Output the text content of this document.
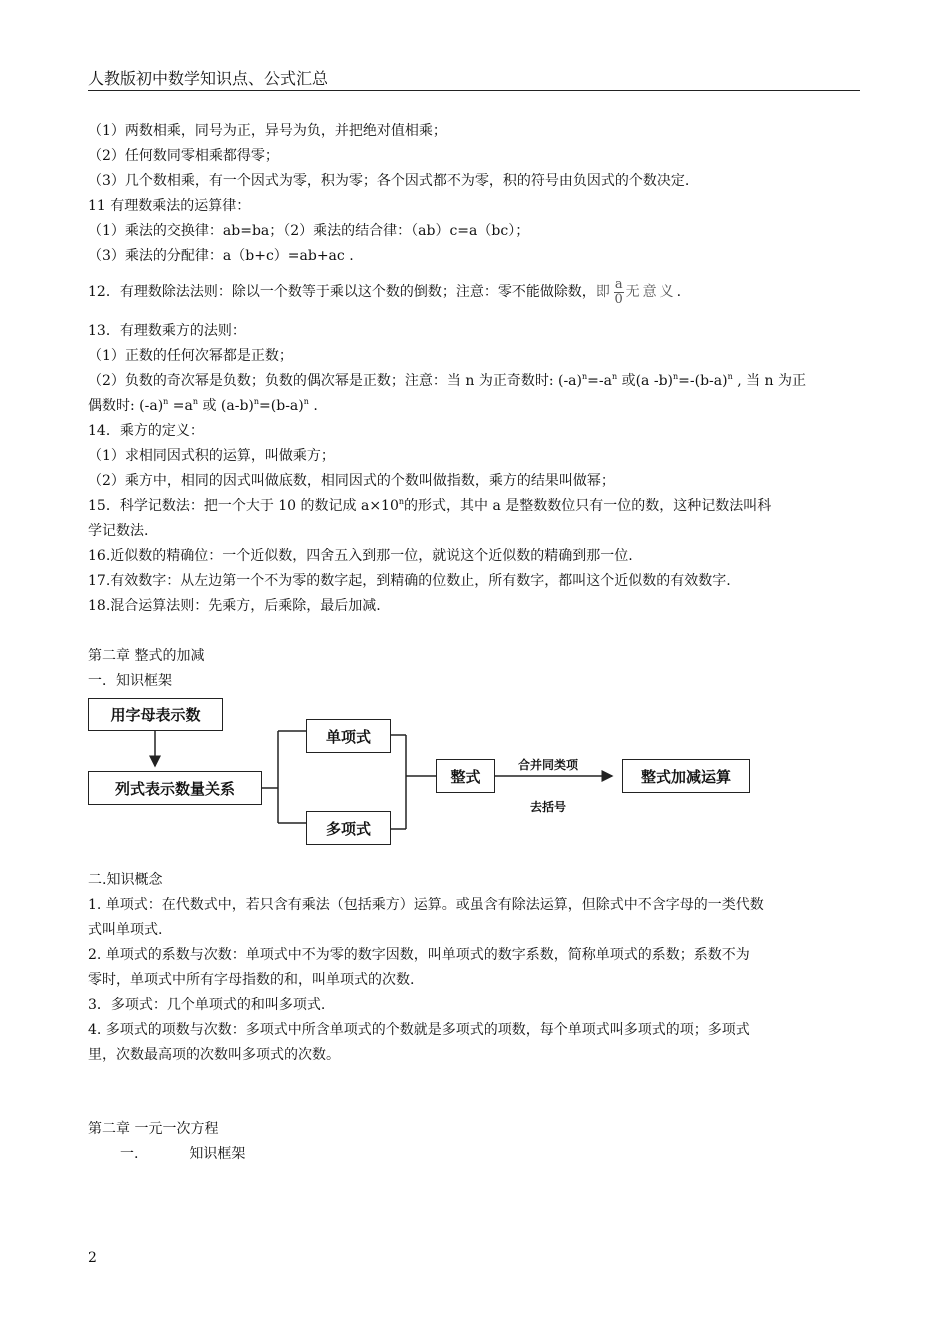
人教版初中数学知识点、公式汇总
（1）两数相乘，同号为正，异号为负，并把绝对值相乘；
（2）任何数同零相乘都得零；
（3）几个数相乘，有一个因式为零，积为零；各个因式都不为零，积的符号由负因式的个数决定.
11 有理数乘法的运算律：
（1）乘法的交换律：ab=ba；（2）乘法的结合律：（ab）c=a（bc）；
（3）乘法的分配律：a（b+c）=ab+ac .
12．有理数除法法则：除以一个数等于乘以这个数的倒数；注意：零不能做除数，即 $\frac{a}{0}$ 无意义.
13．有理数乘方的法则：
（1）正数的任何次幂都是正数；
（2）负数的奇次幂是负数；负数的偶次幂是正数；注意：当 n 为正奇数时: $(-a)^n=-a^n$ 或(a $-b)^n=-(b-a)^n$ , 当 n 为正
偶数时: $(-a)^n =a^n$ 或 $(a-b)^n=(b-a)^n$ .
14．乘方的定义：
（1）求相同因式积的运算，叫做乘方；
（2）乘方中，相同的因式叫做底数，相同因式的个数叫做指数，乘方的结果叫做幂；
15．科学记数法：把一个大于 10 的数记成 $a\times 10^n$的形式，其中 a 是整数数位只有一位的数，这种记数法叫科
学记数法.
16.近似数的精确位：一个近似数，四舍五入到那一位，就说这个近似数的精确到那一位.
17.有效数字：从左边第一个不为零的数字起，到精确的位数止，所有数字，都叫这个近似数的有效数字.
18.混合运算法则：先乘方，后乘除，最后加减.
第二章 整式的加减
一．知识框架
用字母表示数
列式表示数量关系
单项式
多项式
整式	整式加减运算
合并同类项
去括号
二.知识概念
1. 单项式：在代数式中，若只含有乘法（包括乘方）运算。或虽含有除法运算，但除式中不含字母的一类代数
式叫单项式.
2. 单项式的系数与次数：单项式中不为零的数字因数，叫单项式的数字系数，简称单项式的系数；系数不为
零时，单项式中所有字母指数的和，叫单项式的次数.
3．多项式：几个单项式的和叫多项式.
4. 多项式的项数与次数：多项式中所含单项式的个数就是多项式的项数，每个单项式叫多项式的项；多项式
里，次数最高项的次数叫多项式的次数。
第二章 一元一次方程
一.	知识框架
2
